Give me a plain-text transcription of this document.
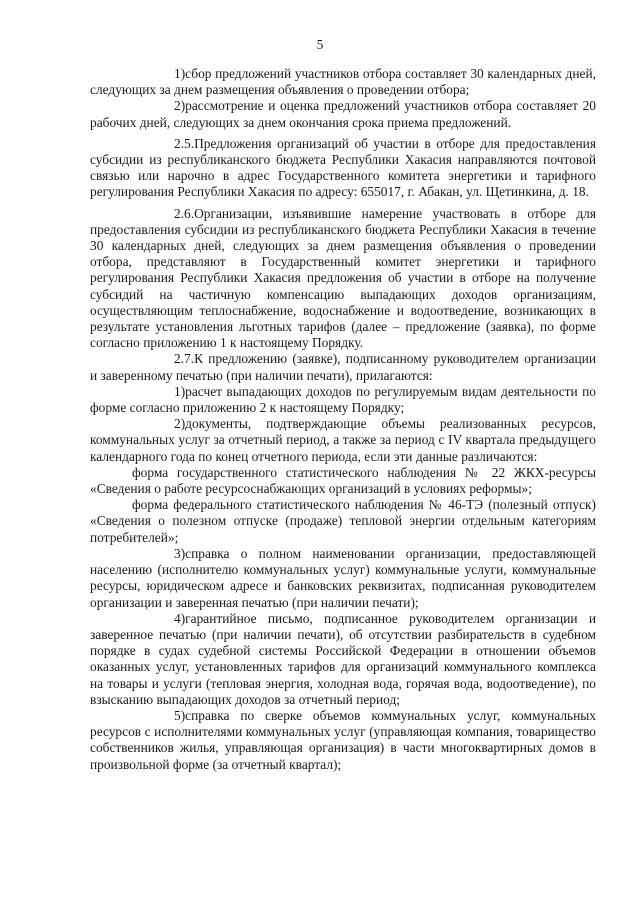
5

1)сбор предложений участников отбора составляет 30 календарных дней, следующих за днем размещения объявления о проведении отбора;

2)рассмотрение и оценка предложений участников отбора составляет 20 рабочих дней, следующих за днем окончания срока приема предложений.

2.5.Предложения организаций об участии в отборе для предоставления субсидии из республиканского бюджета Республики Хакасия направляются почтовой связью или нарочно в адрес Государственного комитета энергетики и тарифного регулирования Республики Хакасия по адресу: 655017, г. Абакан, ул. Щетинкина, д. 18.

2.6.Организации, изъявившие намерение участвовать в отборе для предоставления субсидии из республиканского бюджета Республики Хакасия в течение 30 календарных дней, следующих за днем размещения объявления о проведении отбора, представляют в Государственный комитет энергетики и тарифного регулирования Республики Хакасия предложения об участии в отборе на получение субсидий на частичную компенсацию выпадающих доходов организациям, осуществляющим теплоснабжение, водоснабжение и водоотведение, возникающих в результате установления льготных тарифов (далее – предложение (заявка), по форме согласно приложению 1 к настоящему Порядку.

2.7.К предложению (заявке), подписанному руководителем организации и заверенному печатью (при наличии печати), прилагаются:

1)расчет выпадающих доходов по регулируемым видам деятельности по форме согласно приложению 2 к настоящему Порядку;

2)документы, подтверждающие объемы реализованных ресурсов, коммунальных услуг за отчетный период, а также за период с IV квартала предыдущего календарного года по конец отчетного периода, если эти данные различаются:

форма государственного статистического наблюдения № 22 ЖКХ-ресурсы «Сведения о работе ресурсоснабжающих организаций в условиях реформы»;

форма федерального статистического наблюдения № 46-ТЭ (полезный отпуск) «Сведения о полезном отпуске (продаже) тепловой энергии отдельным категориям потребителей»;

3)справка о полном наименовании организации, предоставляющей населению (исполнителю коммунальных услуг) коммунальные услуги, коммунальные ресурсы, юридическом адресе и банковских реквизитах, подписанная руководителем организации и заверенная печатью (при наличии печати);

4)гарантийное письмо, подписанное руководителем организации и заверенное печатью (при наличии печати), об отсутствии разбирательств в судебном порядке в судах судебной системы Российской Федерации в отношении объемов оказанных услуг, установленных тарифов для организаций коммунального комплекса на товары и услуги (тепловая энергия, холодная вода, горячая вода, водоотведение), по взысканию выпадающих доходов за отчетный период;

5)справка по сверке объемов коммунальных услуг, коммунальных ресурсов с исполнителями коммунальных услуг (управляющая компания, товарищество собственников жилья, управляющая организация) в части многоквартирных домов в произвольной форме (за отчетный квартал);
